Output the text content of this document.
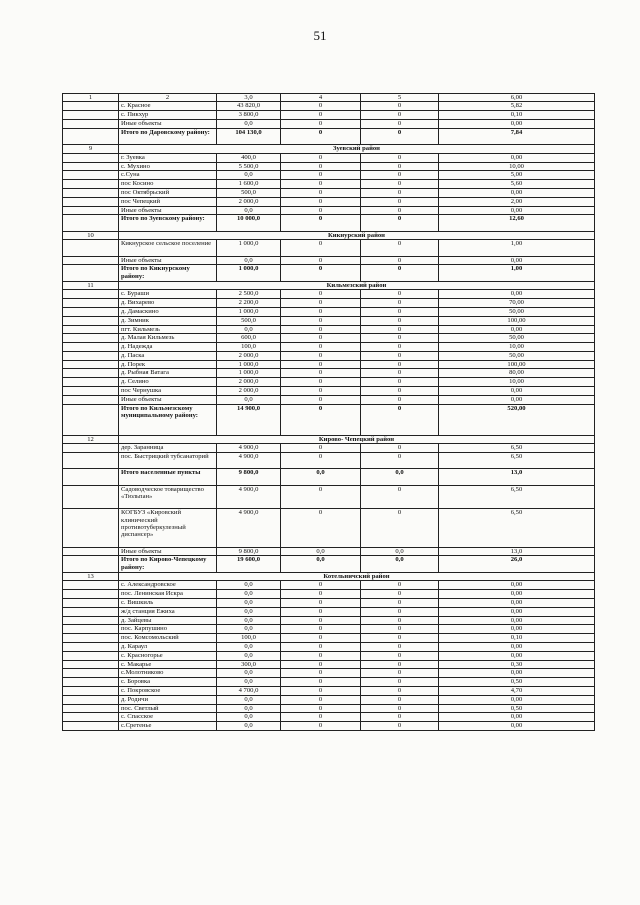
51
1	2	3,0	4	5	6,00
	с. Красное	43 820,0	0	0	5,82
	с. Пикхур	3 800,0	0	0	0,10
	Иные объекты	0,0	0	0	0,00
	Итого по Даровскому району:	104 130,0	0	0	7,84
9	Зуевский район				
	г. Зуевка	400,0	0	0	0,00
	с. Мухино	5 500,0	0	0	10,00
	с.Суна	0,0	0	0	5,00
	пос Косино	1 600,0	0	0	5,60
	пос Октябрьский	500,0	0	0	0,00
	пос Чепецкий	2 000,0	0	0	2,00
	Иные объекты	0,0	0	0	0,00
	Итого по Зуевскому району:	10 000,0	0	0	12,60
10	Кикнурский район				
	Кикнурское сельское поселение	1 000,0	0	0	1,00
	Иные объекты	0,0	0	0	0,00
	Итого по Кикнурскому району:	1 000,0	0	0	1,00
11	Кильмезский район				
	с. Бураши	2 500,0	0	0	0,00
	д. Вихарево	2 200,0	0	0	70,00
	д. Дамаскино	1 000,0	0	0	50,00
	д. Зимник	500,0	0	0	100,00
	пгт. Кильмезь	0,0	0	0	0,00
	д. Малая Кильмезь	600,0	0	0	50,00
	д. Надежда	100,0	0	0	10,00
	д. Паска	2 000,0	0	0	50,00
	д. Порек	1 000,0	0	0	100,00
	д. Рыбная Ватага	1 000,0	0	0	80,00
	д. Селино	2 000,0	0	0	10,00
	пос Чернушка	2 000,0	0	0	0,00
	Иные объекты	0,0	0	0	0,00
	Итого по Кильмезскому муниципальному району:	14 900,0	0	0	520,00
12	Кирово- Чепецкий район				
	дер. Заранница	4 900,0	0	0	6,50
	пос. Быстрицкий тубсанаторий	4 900,0	0	0	6,50
	Итого населенные пункты	9 800,0	0,0	0,0	13,0
	Садоводческое товарищество «Тюльпан»	4 900,0	0	0	6,50
	КОГБУЗ «Кировский клинический противотуберкулезный диспансер»	4 900,0	0	0	6,50
	Иные объекты	9 800,0	0,0	0,0	13,0
	Итого по Кирово-Чепецкому району:	19 600,0	0,0	0,0	26,0
13	Котельничский район				
	с. Александровское	0,0	0	0	0,00
	пос. Ленинская Искра	0,0	0	0	0,00
	с. Вишкиль	0,0	0	0	0,00
	ж/д станция Ежиха	0,0	0	0	0,00
	д. Зайцевы	0,0	0	0	0,00
	пос. Карпушино	0,0	0	0	0,00
	пос. Комсомольский	100,0	0	0	0,10
	д. Караул	0,0	0	0	0,00
	с. Красногорье	0,0	0	0	0,00
	с. Макарье	300,0	0	0	0,30
	с.Молотниково	0,0	0	0	0,00
	с. Боровка	0,0	0	0	0,50
	с. Покровское	4 700,0	0	0	4,70
	д. Родичи	0,0	0	0	0,00
	пос. Светлый	0,0	0	0	0,50
	с. Спасское	0,0	0	0	0,00
	с.Сретенье	0,0	0	0	0,00
